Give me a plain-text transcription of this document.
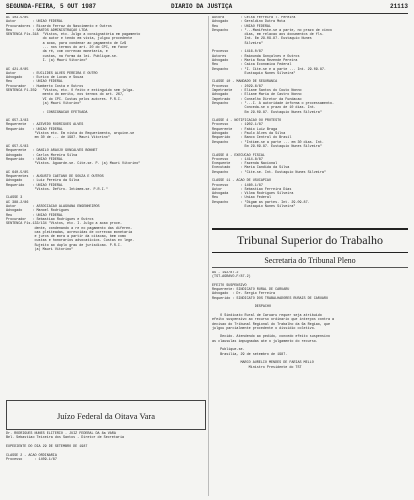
SEGUNDA-FEIRA, 5 OUT 1987	DIARIO DA JUSTIÇA	21113
AC 103-5/85
Autor        : UNIAO FEDERAL
Procuradores : Ricardo Ferraz do Nascimento e Outros
Reu          : SANTOS ADMINISTRAÇAO LTDA
SENTENCA F1s.318  "Vistos, etc. Julgo a consignatória em pagamento
do autor e tendo em vista, julgou procedente
a acao, para condenar ao pagamento de Cz$
... nos termos do art. 20 do CPC, em favor
da ré, com correcao monetaria, e
custas, na forma da lei. Publique-se.
I. (a) Mauri Vitorino"

AC 421-0/85
Autor        : EUCLIDES ALVES PEREIRA E OUTRO
Advogado     : Eurico de Lucas e Souza
Reu          : UNIAO FEDERAL
Procurador   : Humberto Costa e Outros
SENTENCA F1.359   "Vistos, etc. O feito e extinguido sem julga-
mento do merito, nos termos do art. 267,
VI do CPC. Custas pelos autores. P.R.I.
(a) Mauri Vitorino"

: CONSIGNACAO EFETUADA

AC 657-3/83
Requerente   : AZEVEDO RODRIGUES ALVES
Requerido    : UNIAO FEDERAL
"Vistos etc. Em vista do Requerimento, arquive-se
em 30 de ... de 1987. Mauri Vitorino"

AC 657-5/83
Requerente   : DANILO ARAUJO GONCALVES BONNET
Advogado     : Carlos Moreira Silva
Requerido    : UNIAO FEDERAL
"Vistos. Aguarde-se. Cite-se. P. (a) Mauri Vitorino"

AC 640-5/85
Requerentes  : AUGUSTO CAETANO DE SOUZA E OUTROS
Advogado     : Luiz Pereira da Silva
Requerido    : UNIAO FEDERAL
"Vistos. Defiro. Intimem-se. P.R.I."

CLASSE 3
AC 388-2/86
Autor        : ASSOCIACAO ALAGOANA ENGENHEIROS
Advogado     : Manoel Rodrigues
Reu          : UNIAO FEDERAL
Procurador   : Sebastiao Rodrigues e Outros
SENTENCA F1s.133/134 "Vistos, etc. I. Julgo a acao proce-
dente, condenando a re no pagamento das diferen-
cas pleiteadas, acrescidas de correcao monetaria
e juros de mora a partir da citacao, bem como
custas e honorarios advocaticios. Custas ex lege.
Sujeito ao duplo grau de jurisdicao. P.R.I.
(a) Mauri Vitorino"
Juízo Federal da Oitava Vara
Dr. RODRIGUES NUNES ELITERIO - JUIZ FEDERAL DA 8a VARA
Bel. Sebastiao Teixeira dos Santos - Diretor de Secretaria

EXPEDIENTE DO DIA 29 DE SETEMBRO DE 1987

CLASSE 2 - ACAO ORDINARIA
Processo      : 1409-1/87
Autora        : Celsa Ferreira T. Pereira
Advogado      : Geraldino Dutra Mota
Reu           : UNIAO FEDERAL
Despacho      : "...Manifeste-se a parte, no prazo de cinco
dias, em relacao aos documentos de fls.
Int. Em 29.09.87. Eustaquio Nunes
Silveira"

Processo      : 1416-0/87
Autores       : Raimunda Gonçalves e Outros
Advogado      : Maria Rosa Rezende Pereira
Reu           : Caixa Economica Federal
Despacho      : "I. Cite-se e a parte ... Int. 29.09.87.
Eustaquio Nunes Silveira"

CLASSE 10 - MANDADO DE SEGURANCA
Processo      : 2029-6/87
Impetrante    : Eliane Santos do Couto Nonno
Advogado      : Eliane Maria de Castro Nonno
Impetrado     : Conselho Diretor da Fundacao
Despacho      : "...I. A autoridade informa o processamento.
Conceda-se o prazo de 10 dias. Int.
Em 29.09.87. Eustaquio Nunes Silveira"

CLASSE 4 - NOTIFICACAO OU PROTESTO
Processo      : 1902-1/87
Requerente    : Fabio Luiz Braga
Advogado      : Paulo Alves da Silva
Requerido     : Banco Central do Brasil
Despacho      : "Intime-se a parte ... em 30 dias. Int.
Em 29.09.87. Eustaquio Nunes Silveira"

CLASSE 8 - EXECUCAO FISCAL
Processo      : 1414-8/87
Exequente     : Fazenda Nacional
Executado     : Maria Candida da Silva
Despacho      : "Cite-se. Int. Eustaquio Nunes Silveira"

CLASSE 11 - ACAO DE USUCAPIAO
Processo      : 1460-1/87
Autor         : Sebastiao Ferreira Dias
Advogada      : Vilma Rodrigues Silveira
Reu           : Uniao Federal
Despacho      : "Digam as partes. Int. 29.09.87.
Eustaquio Nunes Silveira"
Tribunal Superior do Trabalho
Secretaria do Tribunal Pleno
AG - 192/87.2
(TST-AGRAVO-F/87.2)

EFEITO SUSPENSIVO
Requerente: SINDICATO RURAL DE CARUARU
Advogado  : Dr. Sergio Ferreira
Requerido : SINDICATO DOS TRABALHADORES RURAIS DE CARUARU

DESPACHO

O Sindicato Rural de Caruaru requer seja atribuido
efeito suspensivo ao recurso ordinario que interpos contra a
decisao do Tribunal Regional do Trabalho da 6a Regiao, que
julgou parcialmente procedente o dissidio coletivo.

Decido. Atendendo ao pedido, concedo efeito suspensivo
as clausulas impugnadas ate o julgamento do recurso.

Publique-se.
Brasilia, 29 de setembro de 1987.

MARCO AURELIO MENDES DE FARIAS MELLO
Ministro Presidente do TST
